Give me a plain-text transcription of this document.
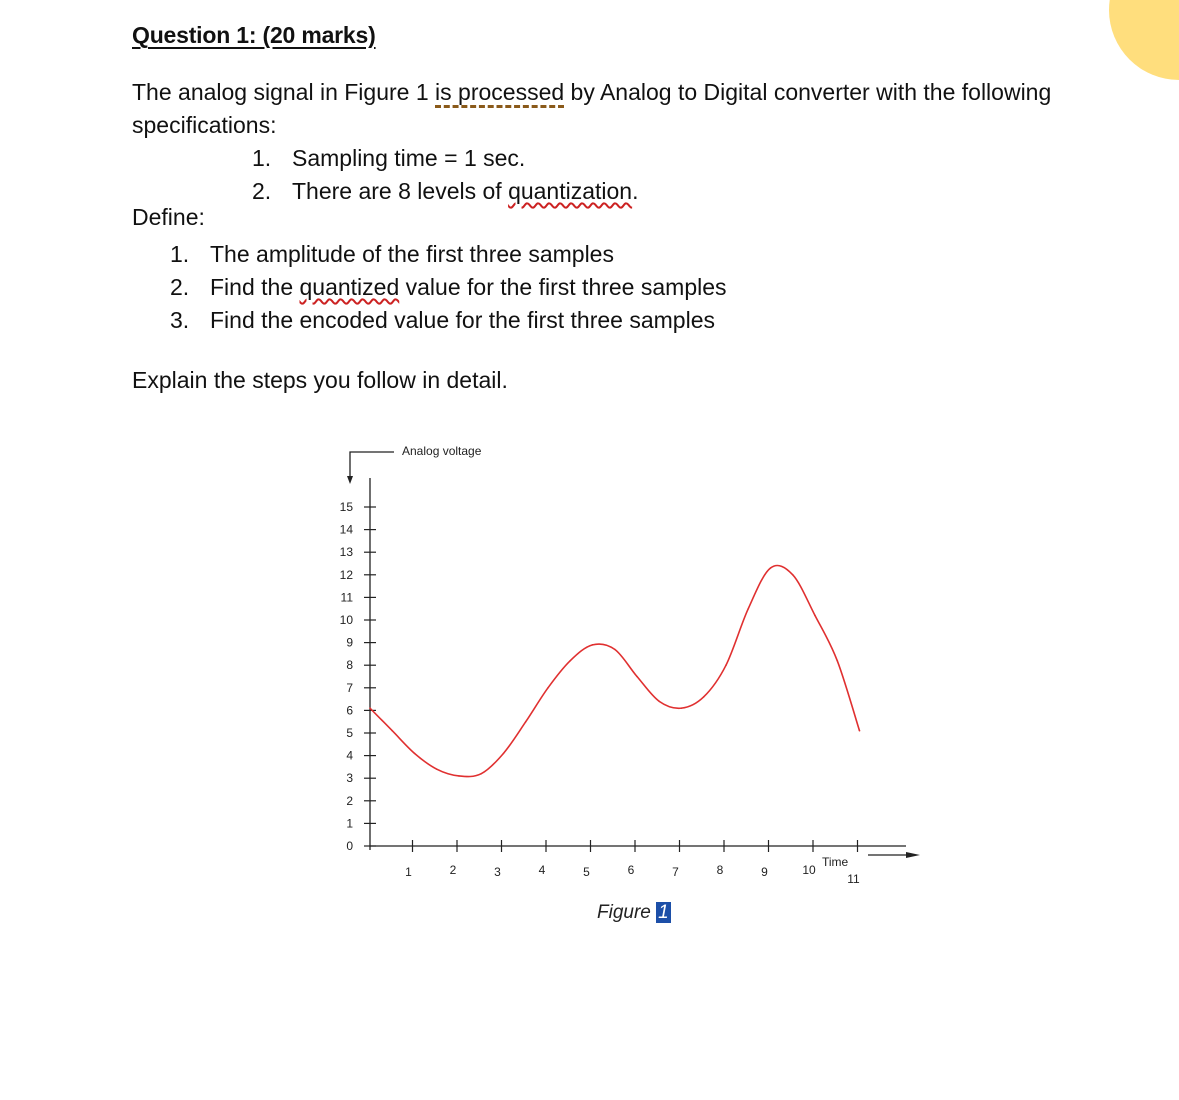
Question 1: (20 marks)
The analog signal in Figure 1 is processed by Analog to Digital converter with the following specifications:
1. Sampling time = 1 sec.
2. There are 8 levels of quantization.
Define:
1. The amplitude of the first three samples
2. Find the quantized value for the first three samples
3. Find the encoded value for the first three samples
Explain the steps you follow in detail.
Analog voltage
Time
0
1
2
3
4
5
6
7
8
9
10
11
12
13
14
15
1	2	3	4	5	6	7	8	9	10
11
Figure 1
